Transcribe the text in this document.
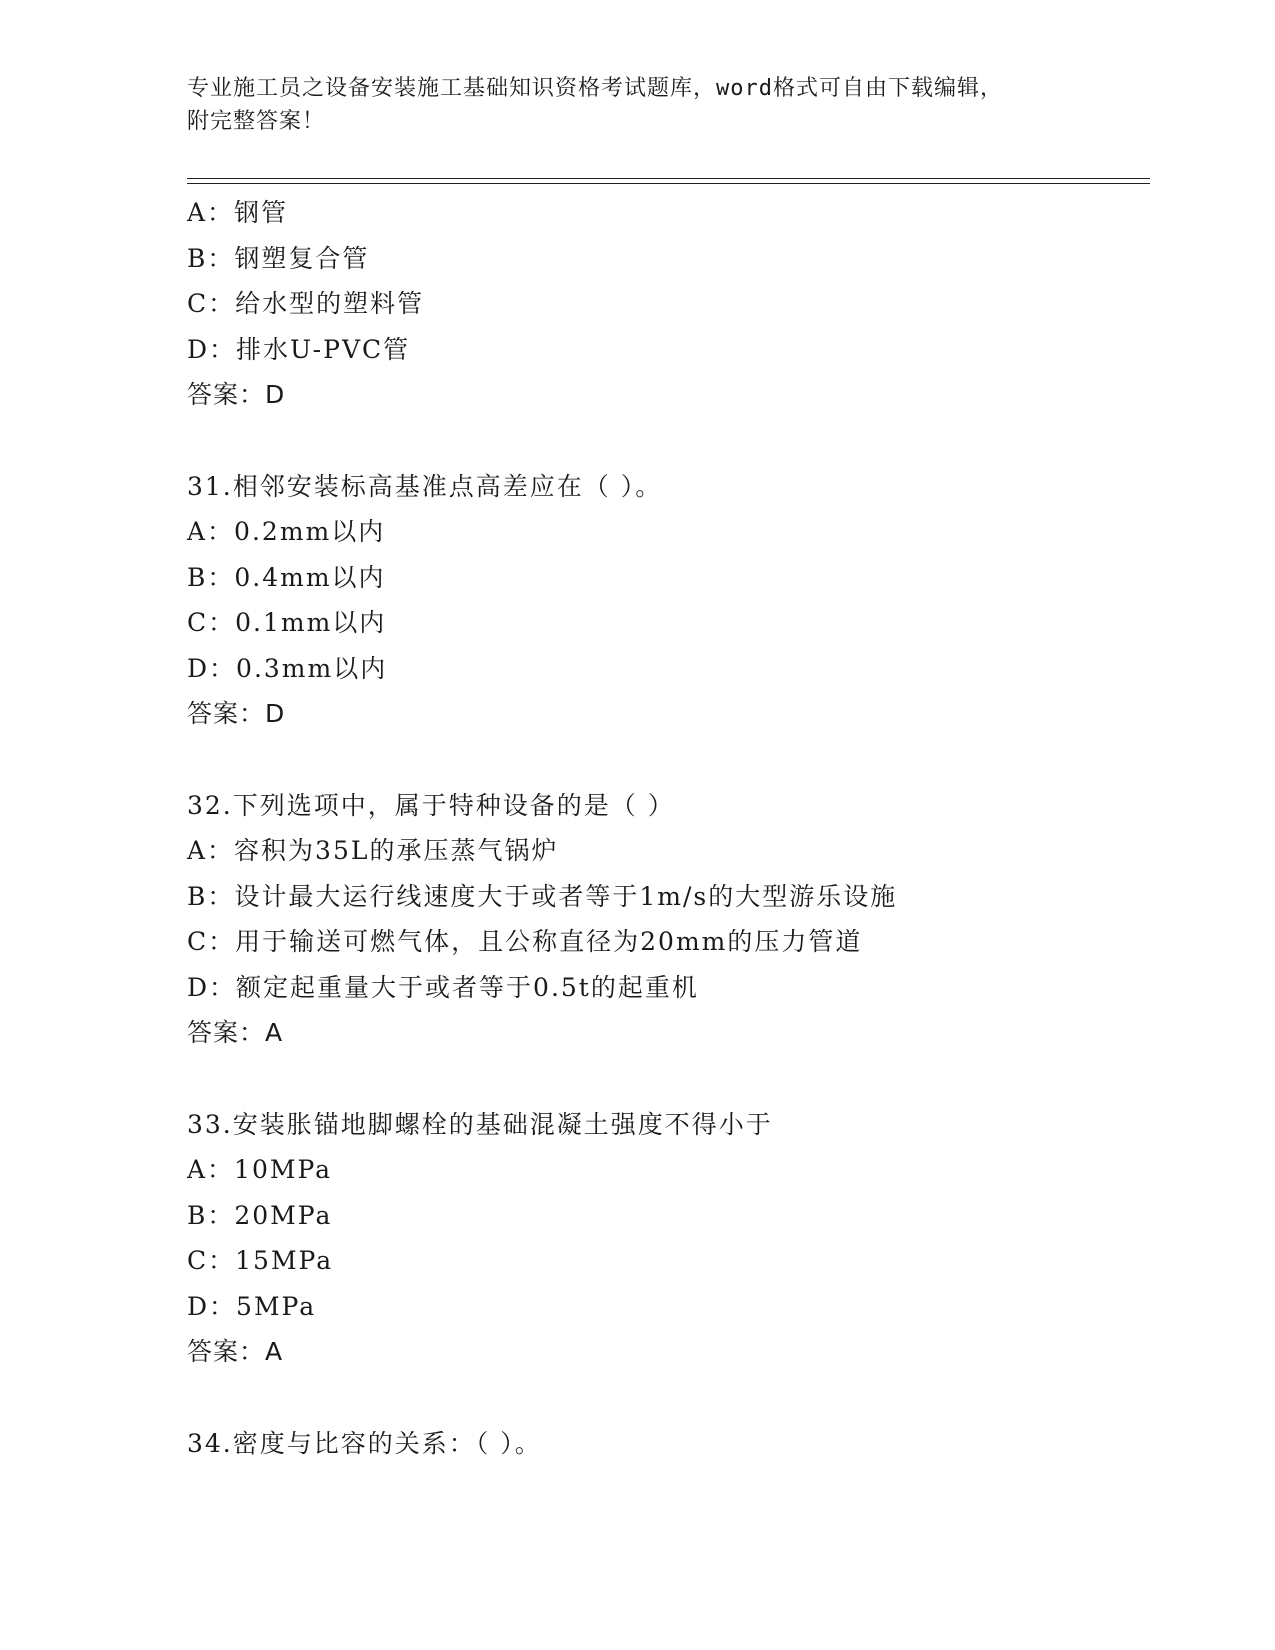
专业施工员之设备安装施工基础知识资格考试题库，word格式可自由下载编辑，
附完整答案！
A：钢管
B：钢塑复合管
C：给水型的塑料管
D：排水U-PVC管
答案：D
31.相邻安装标高基准点高差应在（ ）。
A：0.2mm以内
B：0.4mm以内
C：0.1mm以内
D：0.3mm以内
答案：D
32.下列选项中，属于特种设备的是（ ）
A：容积为35L的承压蒸气锅炉
B：设计最大运行线速度大于或者等于1m/s的大型游乐设施
C：用于输送可燃气体，且公称直径为20mm的压力管道
D：额定起重量大于或者等于0.5t的起重机
答案：A
33.安装胀锚地脚螺栓的基础混凝土强度不得小于
A：10MPa
B：20MPa
C：15MPa
D：5MPa
答案：A
34.密度与比容的关系：（ ）。
